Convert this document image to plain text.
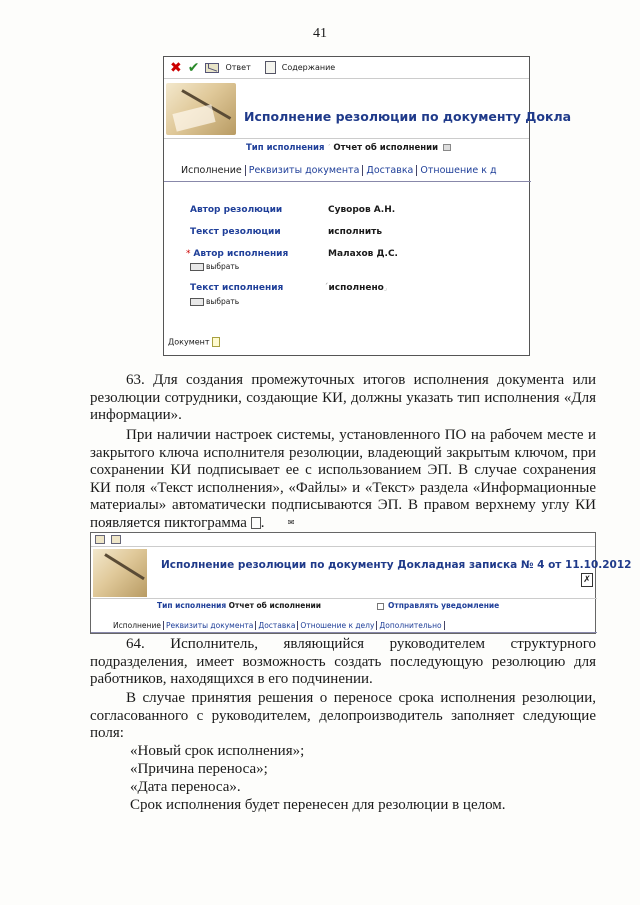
41
✖ ✔	Ответ	Содержание
Исполнение резолюции по документу Докла
Тип исполнения ˊ Отчет об исполнении
Исполнение Реквизиты документа Доставка Отношение к д
Автор резолюции	Суворов А.Н.
Текст резолюции	исполнить
* Автор исполнения	Малахов Д.С.
выбрать
Текст исполнения	ˊисполнено⌟
выбрать
Документ
63. Для создания промежуточных итогов исполнения документа или резолюции сотрудники, создающие КИ, должны указать тип исполнения «Для информации».
При наличии настроек системы, установленного ПО на рабочем месте и закрытого ключа исполнителя резолюции, владеющий закрытым ключом, при сохранении КИ подписывает ее с использованием ЭП. В случае сохранения КИ поля «Текст исполнения», «Файлы» и «Текст» раздела «Информационные материалы» автоматически подписываются ЭП. В правом верхнему углу КИ появляется пиктограмма	✉.
Исполнение резолюции по документу Докладная записка № 4 от 11.10.2012
✗
Тип исполнения Отчет об исполнении	Отправлять уведомление
Исполнение Реквизиты документа Доставка Отношение к делу Дополнительно
64. Исполнитель, являющийся руководителем структурного подразделения, имеет возможность создать последующую резолюцию для работников, находящихся в его подчинении.
В случае принятия решения о переносе срока исполнения резолюции, согласованного с руководителем, делопроизводитель заполняет следующие поля:
«Новый срок исполнения»;
«Причина переноса»;
«Дата переноса».
Срок исполнения будет перенесен для резолюции в целом.
